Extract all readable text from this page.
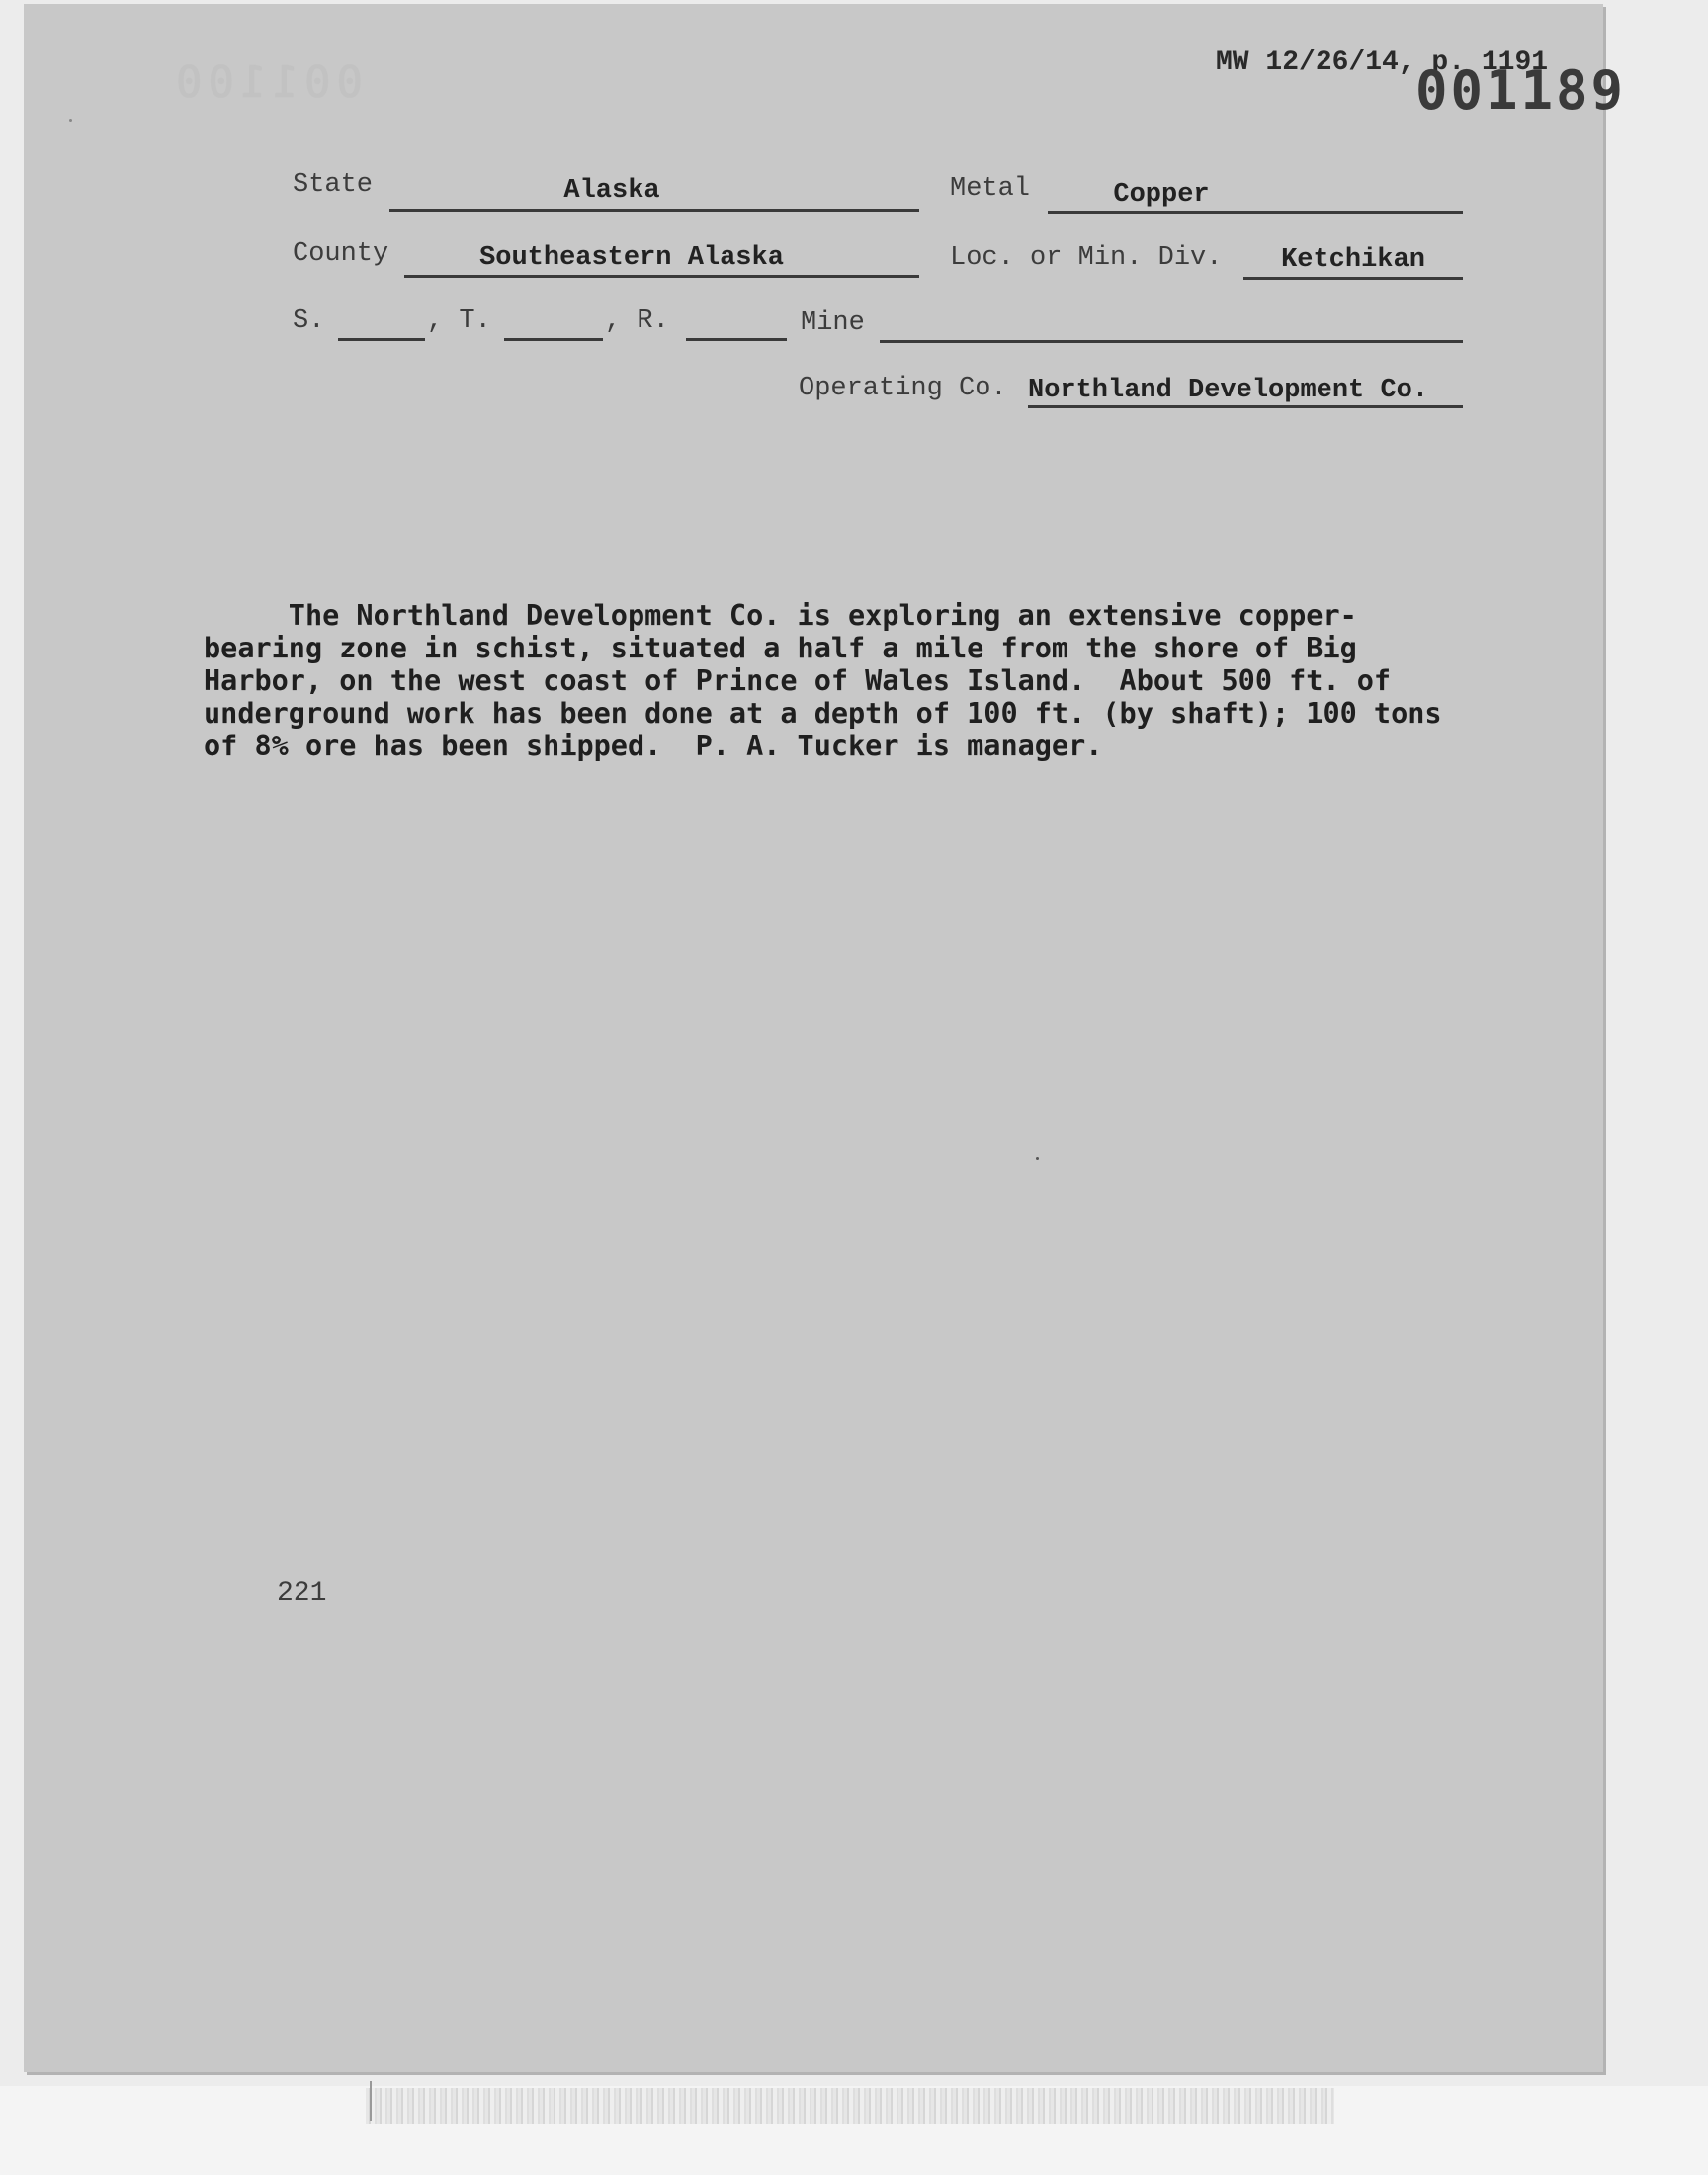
001100	MW 12/26/14, p. 1191
001189
State	Alaska	Metal	Copper
County	Southeastern Alaska	Loc. or Min. Div.	Ketchikan
S.	, T.	, R.	Mine
Operating Co. Northland Development Co.
The Northland Development Co. is exploring an extensive copper-
bearing zone in schist, situated a half a mile from the shore of Big
Harbor, on the west coast of Prince of Wales Island.  About 500 ft. of
underground work has been done at a depth of 100 ft. (by shaft); 100 tons
of 8% ore has been shipped.  P. A. Tucker is manager.
221
